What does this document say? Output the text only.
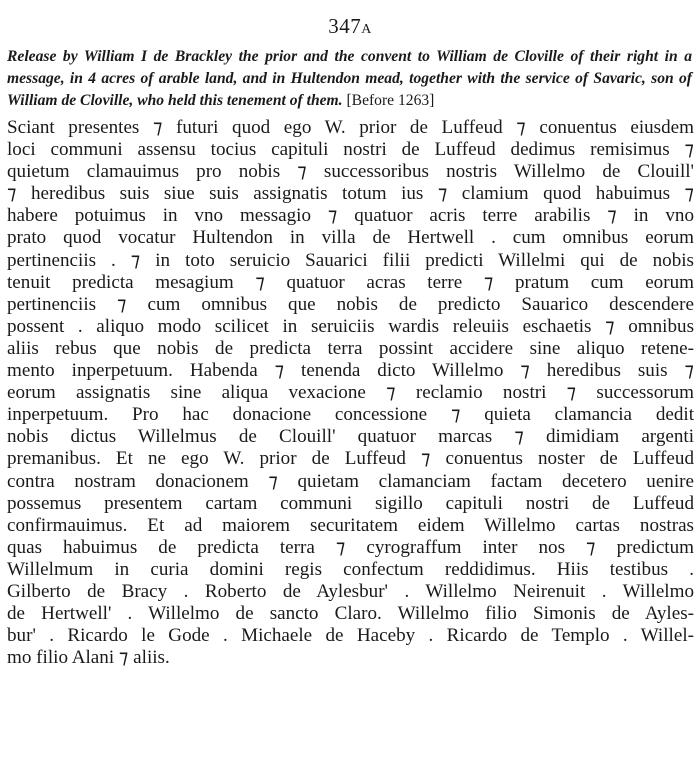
347A
Release by William I de Brackley the prior and the convent to William de Cloville of their right in a message, in 4 acres of arable land, and in Hultendon mead, together with the service of Savaric, son of William de Cloville, who held this tenement of them. [Before 1263]
Sciant presentes ⁊ futuri quod ego W. prior de Luffeud ⁊ conuentus eiusdem
loci communi assensu tocius capituli nostri de Luffeud dedimus remisimus ⁊
quietum clamauimus pro nobis ⁊ successoribus nostris Willelmo de Clouill'
⁊ heredibus suis siue suis assignatis totum ius ⁊ clamium quod habuimus ⁊
habere potuimus in vno messagio ⁊ quatuor acris terre arabilis ⁊ in vno
prato quod vocatur Hultendon in villa de Hertwell . cum omnibus eorum
pertinenciis . ⁊ in toto seruicio Sauarici filii predicti Willelmi qui de nobis
tenuit predicta mesagium ⁊ quatuor acras terre ⁊ pratum cum eorum
pertinenciis ⁊ cum omnibus que nobis de predicto Sauarico descendere
possent . aliquo modo scilicet in seruiciis wardis releuiis eschaetis ⁊ omnibus
aliis rebus que nobis de predicta terra possint accidere sine aliquo retene-
mento inperpetuum. Habenda ⁊ tenenda dicto Willelmo ⁊ heredibus suis ⁊
eorum assignatis sine aliqua vexacione ⁊ reclamio nostri ⁊ successorum
inperpetuum. Pro hac donacione concessione ⁊ quieta clamancia dedit
nobis dictus Willelmus de Clouill' quatuor marcas ⁊ dimidiam argenti
premanibus. Et ne ego W. prior de Luffeud ⁊ conuentus noster de Luffeud
contra nostram donacionem ⁊ quietam clamanciam factam decetero uenire
possemus presentem cartam communi sigillo capituli nostri de Luffeud
confirmauimus. Et ad maiorem securitatem eidem Willelmo cartas nostras
quas habuimus de predicta terra ⁊ cyrograffum inter nos ⁊ predictum
Willelmum in curia domini regis confectum reddidimus. Hiis testibus .
Gilberto de Bracy . Roberto de Aylesbur' . Willelmo Neirenuit . Willelmo
de Hertwell' . Willelmo de sancto Claro. Willelmo filio Simonis de Ayles-
bur' . Ricardo le Gode . Michaele de Haceby . Ricardo de Templo . Willel-
mo filio Alani ⁊ aliis.
